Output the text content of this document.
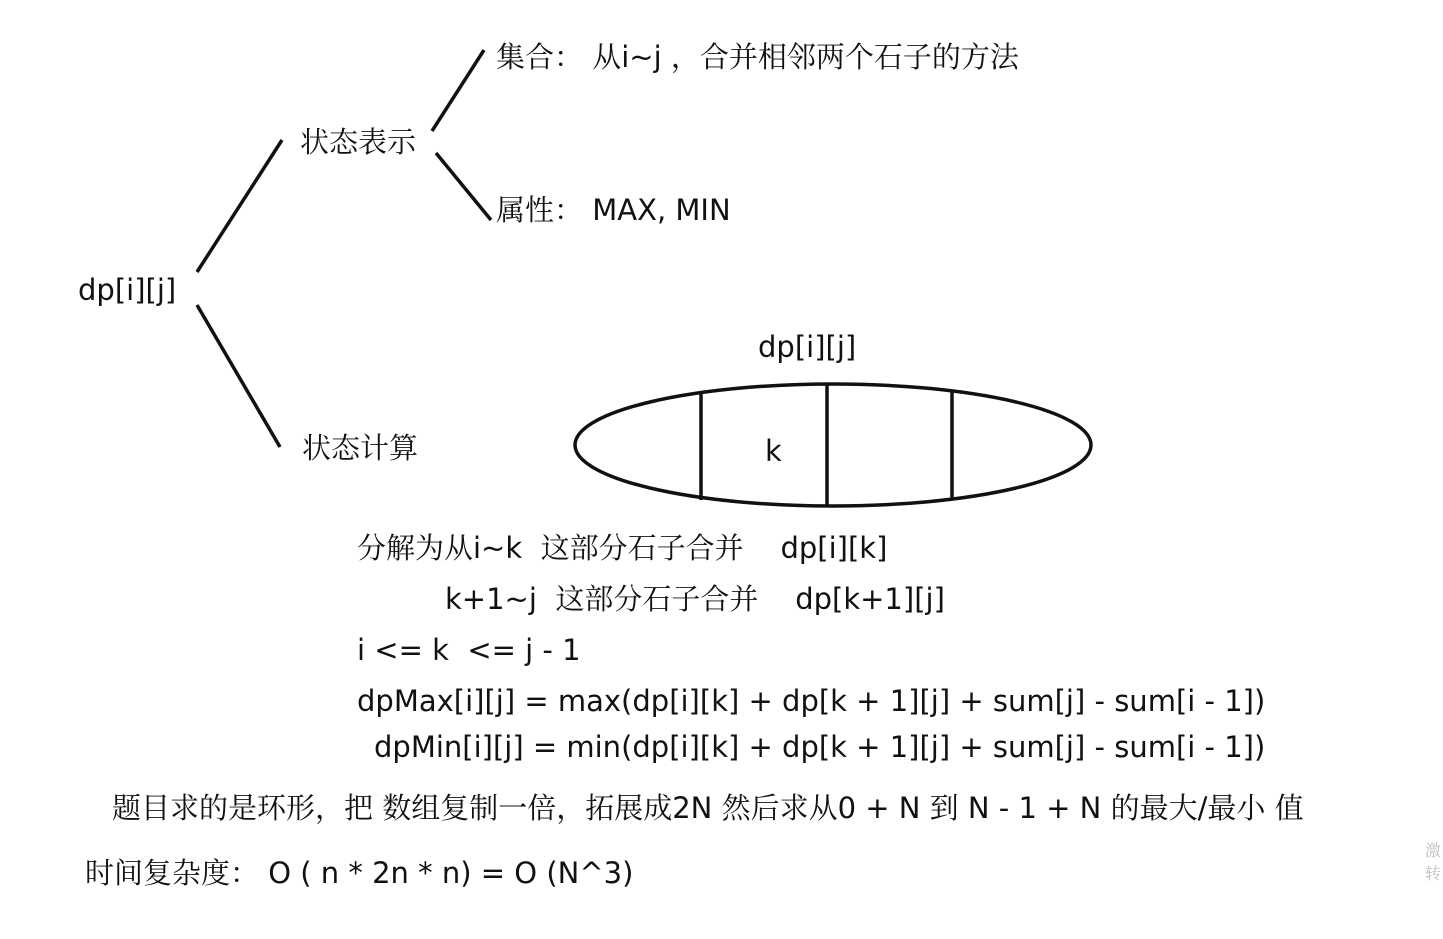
dp[i][j]
状态表示
集合： 从i~j ，合并相邻两个石子的方法
属性： MAX, MIN
状态计算
dp[i][j]
k
分解为从i~k  这部分石子合并    dp[i][k]
k+1~j  这部分石子合并    dp[k+1][j]
i <= k  <= j - 1
dpMax[i][j] = max(dp[i][k] + dp[k + 1][j] + sum[j] - sum[i - 1])
dpMin[i][j] = min(dp[i][k] + dp[k + 1][j] + sum[j] - sum[i - 1])
题目求的是环形，把 数组复制一倍，拓展成2N 然后求从0 + N 到 N - 1 + N 的最大/最小 值
时间复杂度： O ( n * 2n * n) = O (N^3)
激
转
